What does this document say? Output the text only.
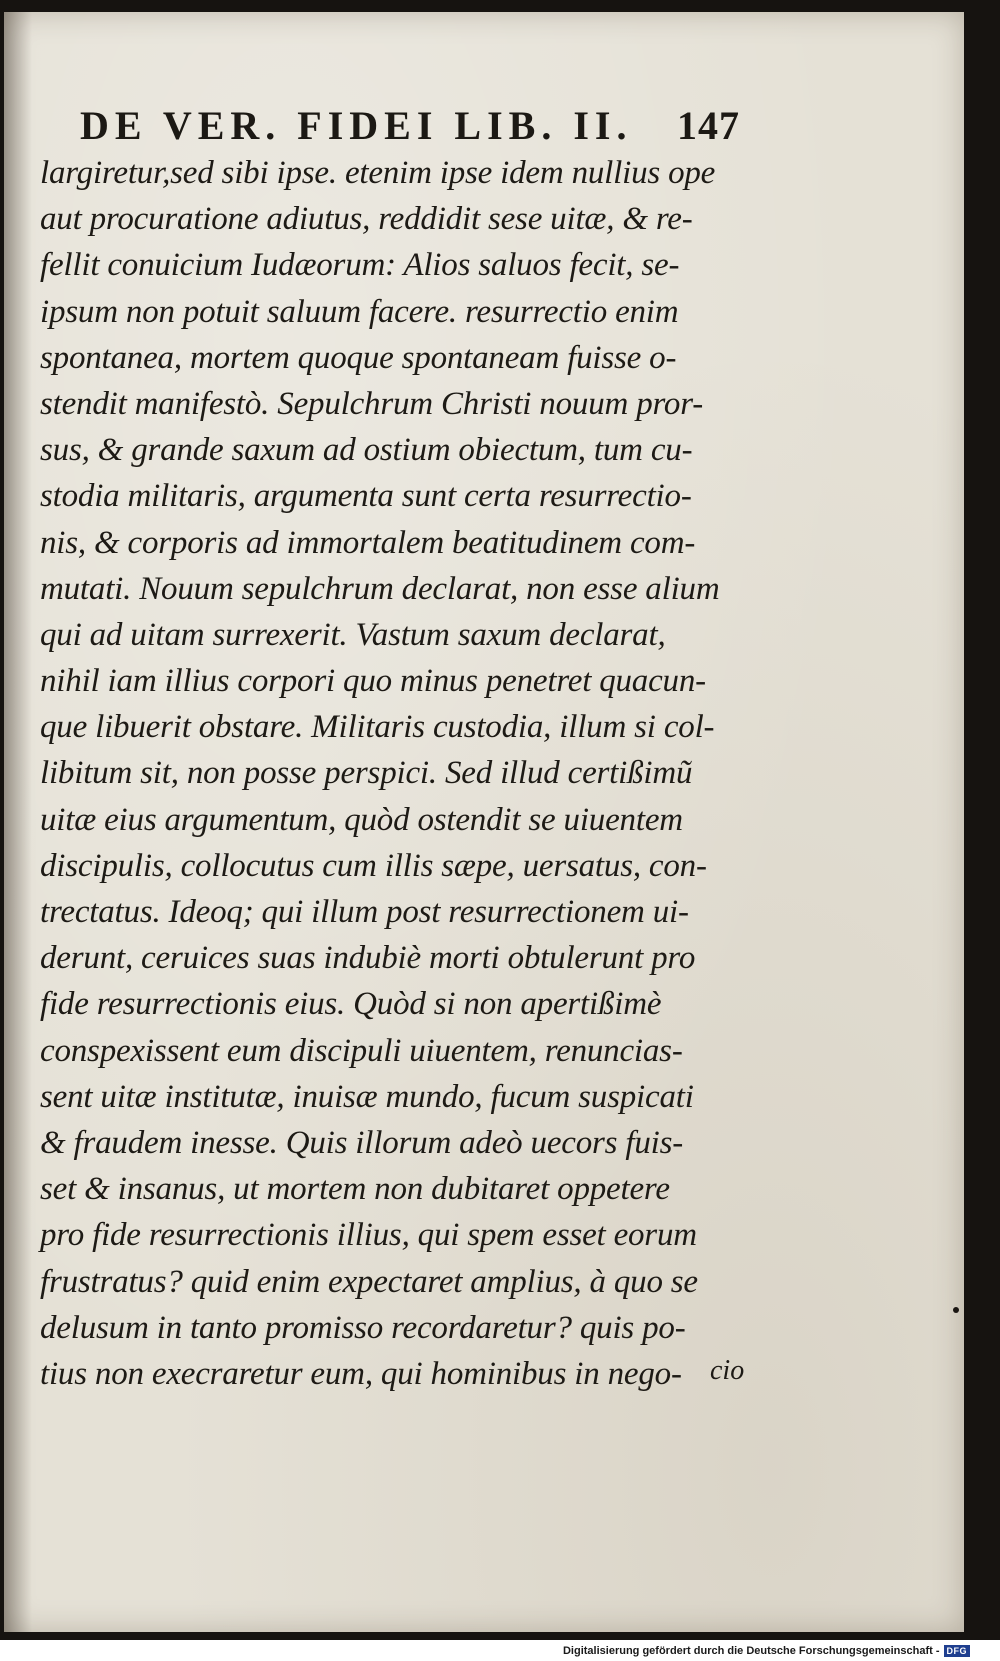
DE VER. FIDEI LIB. II. 147
largiretur,sed sibi ipse. etenim ipse idem nullius ope
aut procuratione adiutus, reddidit sese uitæ, & re-
fellit conuicium Iudæorum: Alios saluos fecit, se-
ipsum non potuit saluum facere. resurrectio enim
spontanea, mortem quoque spontaneam fuisse o-
stendit manifestò. Sepulchrum Christi nouum pror-
sus, & grande saxum ad ostium obiectum, tum cu-
stodia militaris, argumenta sunt certa resurrectio-
nis, & corporis ad immortalem beatitudinem com-
mutati. Nouum sepulchrum declarat, non esse alium
qui ad uitam surrexerit. Vastum saxum declarat,
nihil iam illius corpori quo minus penetret quacun-
que libuerit obstare. Militaris custodia, illum si col-
libitum sit, non posse perspici. Sed illud certißimũ
uitæ eius argumentum, quòd ostendit se uiuentem
discipulis, collocutus cum illis sæpe, uersatus, con-
trectatus. Ideoq; qui illum post resurrectionem ui-
derunt, ceruices suas indubiè morti obtulerunt pro
fide resurrectionis eius. Quòd si non apertißimè
conspexissent eum discipuli uiuentem, renuncias-
sent uitæ institutæ, inuisæ mundo, fucum suspicati
& fraudem inesse. Quis illorum adeò uecors fuis-
set & insanus, ut mortem non dubitaret oppetere
pro fide resurrectionis illius, qui spem esset eorum
frustratus? quid enim expectaret amplius, à quo se
delusum in tanto promisso recordaretur? quis po-
tius non execraretur eum, qui hominibus in nego-	cio
Digitalisierung gefördert durch die Deutsche Forschungsgemeinschaft - DFG
